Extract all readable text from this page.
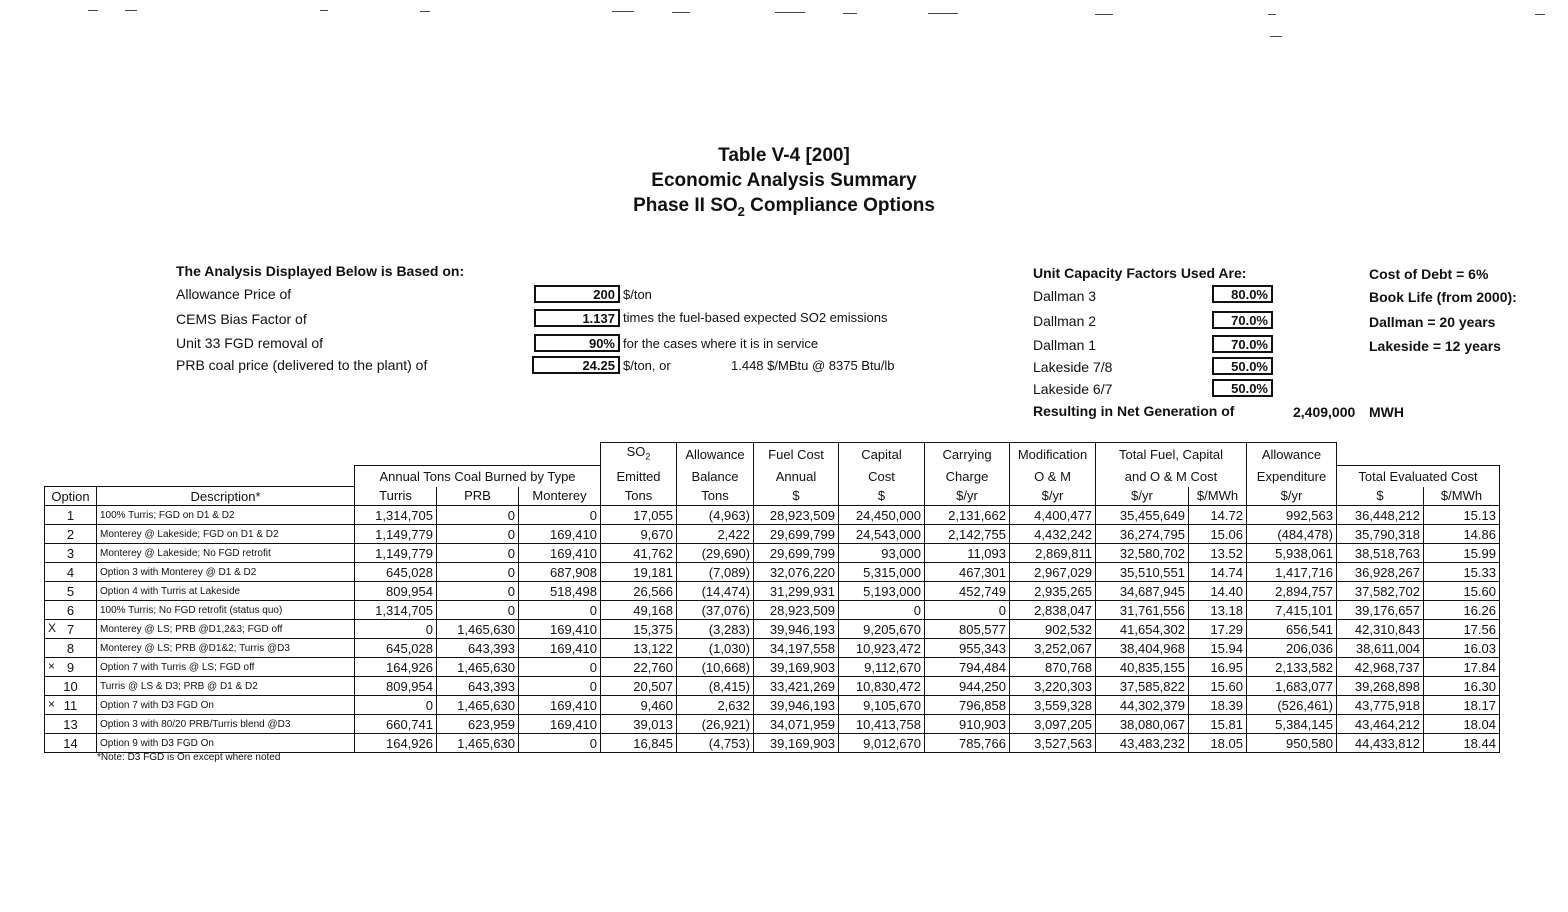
Table V-4 [200]
Economic Analysis Summary
Phase II $SO_2$ Compliance Options
The Analysis Displayed Below is Based on:
Allowance Price of	200 $/ton
CEMS Bias Factor of	1.137 times the fuel-based expected SO2 emissions
Unit 33 FGD removal of	90% for the cases where it is in service
PRB coal price (delivered to the plant) of	24.25 $/ton, or	1.448 $/MBtu @ 8375 Btu/lb
Unit Capacity Factors Used Are:
Dallman 3	80.0%
Dallman 2	70.0%
Dallman 1	70.0%
Lakeside 7/8	50.0%
Lakeside 6/7	50.0%
Resulting in Net Generation of	2,409,000 MWH
Cost of Debt = 6%
Book Life (from 2000):
Dallman = 20 years
Lakeside = 12 years
					$SO_2$	Allowance	Fuel Cost	Capital	Carrying	Modification	Total Fuel, Capital		Allowance		
		Annual Tons Coal Burned by Type			Emitted	Balance	Annual	Cost	Charge	O & M	and O & M Cost		Expenditure	Total Evaluated Cost	
Option	Description*	Turris	PRB	Monterey	Tons	Tons	$	$	$/yr	$/yr	$/yr	$/MWh	$/yr	$	$/MWh
1	100% Turris; FGD on D1 & D2	1,314,705	0	0	17,055	(4,963)	28,923,509	24,450,000	2,131,662	4,400,477	35,455,649	14.72	992,563	36,448,212	15.13
2	Monterey @ Lakeside; FGD on D1 & D2	1,149,779	0	169,410	9,670	2,422	29,699,799	24,543,000	2,142,755	4,432,242	36,274,795	15.06	(484,478)	35,790,318	14.86
3	Monterey @ Lakeside; No FGD retrofit	1,149,779	0	169,410	41,762	(29,690)	29,699,799	93,000	11,093	2,869,811	32,580,702	13.52	5,938,061	38,518,763	15.99
4	Option 3 with Monterey @ D1 & D2	645,028	0	687,908	19,181	(7,089)	32,076,220	5,315,000	467,301	2,967,029	35,510,551	14.74	1,417,716	36,928,267	15.33
5	Option 4 with Turris at Lakeside	809,954	0	518,498	26,566	(14,474)	31,299,931	5,193,000	452,749	2,935,265	34,687,945	14.40	2,894,757	37,582,702	15.60
6	100% Turris; No FGD retrofit (status quo)	1,314,705	0	0	49,168	(37,076)	28,923,509	0	0	2,838,047	31,761,556	13.18	7,415,101	39,176,657	16.26

X 7	Monterey @ LS; PRB @D1,2&3; FGD off	0	1,465,630	169,410	15,375	(3,283)	39,946,193	9,205,670	805,577	902,532	41,654,302	17.29	656,541	42,310,843	17.56
8	Monterey @ LS; PRB @D1&2; Turris @D3	645,028	643,393	169,410	13,122	(1,030)	34,197,558	10,923,472	955,343	3,252,067	38,404,968	15.94	206,036	38,611,004	16.03

× 9	Option 7 with Turris @ LS; FGD off	164,926	1,465,630	0	22,760	(10,668)	39,169,903	9,112,670	794,484	870,768	40,835,155	16.95	2,133,582	42,968,737	17.84
10	Turris @ LS & D3; PRB @ D1 & D2	809,954	643,393	0	20,507	(8,415)	33,421,269	10,830,472	944,250	3,220,303	37,585,822	15.60	1,683,077	39,268,898	16.30

× 11	Option 7 with D3 FGD On	0	1,465,630	169,410	9,460	2,632	39,946,193	9,105,670	796,858	3,559,328	44,302,379	18.39	(526,461)	43,775,918	18.17
13	Option 3 with 80/20 PRB/Turris blend @D3	660,741	623,959	169,410	39,013	(26,921)	34,071,959	10,413,758	910,903	3,097,205	38,080,067	15.81	5,384,145	43,464,212	18.04
14	Option 9 with D3 FGD On	164,926	1,465,630	0	16,845	(4,753)	39,169,903	9,012,670	785,766	3,527,563	43,483,232	18.05	950,580	44,433,812	18.44
*Note: D3 FGD is On except where noted
